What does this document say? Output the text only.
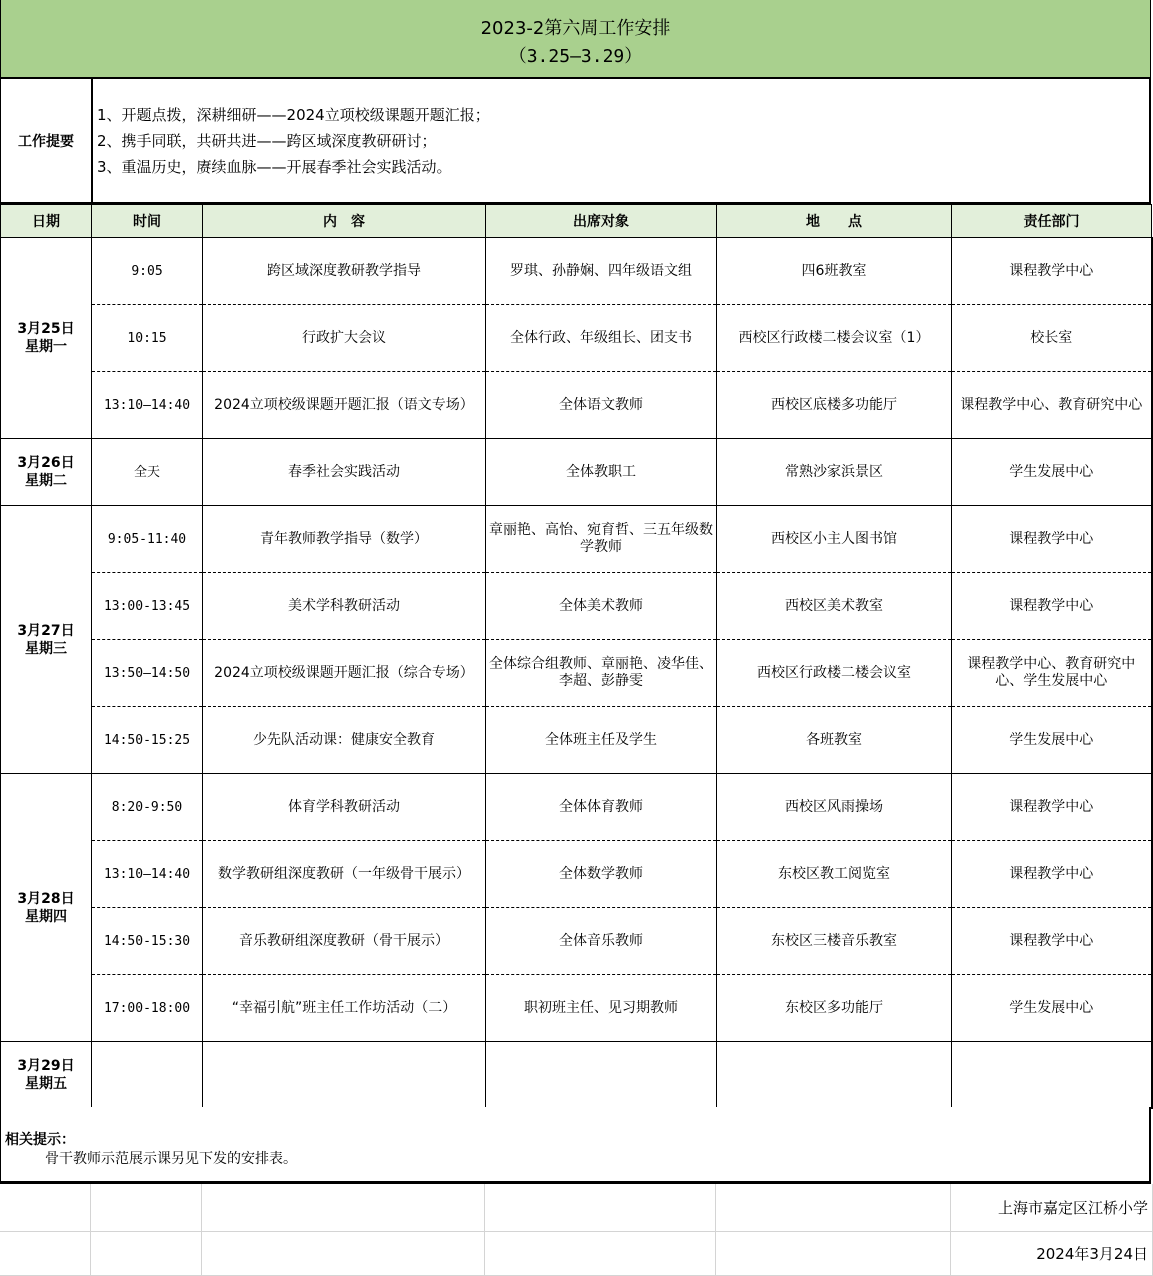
2023-2第六周工作安排
（3.25—3.29）
工作提要
1、开题点拨，深耕细研——2024立项校级课题开题汇报；
2、携手同联，共研共进——跨区域深度教研研讨；
3、重温历史，赓续血脉——开展春季社会实践活动。
日期	时间	内　容	出席对象	地　　点	责任部门
3月25日
星期一	9:05	跨区域深度教研教学指导	罗琪、孙静娴、四年级语文组	四6班教室	课程教学中心
	10:15	行政扩大会议	全体行政、年级组长、团支书	西校区行政楼二楼会议室（1）	校长室
	13:10—14:40	2024立项校级课题开题汇报（语文专场）	全体语文教师	西校区底楼多功能厅	课程教学中心、教育研究中心
3月26日
星期二	全天	春季社会实践活动	全体教职工	常熟沙家浜景区	学生发展中心
3月27日
星期三	9:05-11:40	青年教师教学指导（数学）	章丽艳、高怡、宛育哲、三五年级数学教师	西校区小主人图书馆	课程教学中心
	13:00-13:45	美术学科教研活动	全体美术教师	西校区美术教室	课程教学中心
	13:50—14:50	2024立项校级课题开题汇报（综合专场）	全体综合组教师、章丽艳、凌华佳、李超、彭静雯	西校区行政楼二楼会议室	课程教学中心、教育研究中心、学生发展中心
	14:50-15:25	少先队活动课：健康安全教育	全体班主任及学生	各班教室	学生发展中心
3月28日
星期四	8:20-9:50	体育学科教研活动	全体体育教师	西校区风雨操场	课程教学中心
	13:10—14:40	数学教研组深度教研（一年级骨干展示）	全体数学教师	东校区教工阅览室	课程教学中心
	14:50-15:30	音乐教研组深度教研（骨干展示）	全体音乐教师	东校区三楼音乐教室	课程教学中心
	17:00-18:00	“幸福引航”班主任工作坊活动（二）	职初班主任、见习期教师	东校区多功能厅	学生发展中心
3月29日
星期五					
相关提示：
骨干教师示范展示课另见下发的安排表。
上海市嘉定区江桥小学
2024年3月24日
